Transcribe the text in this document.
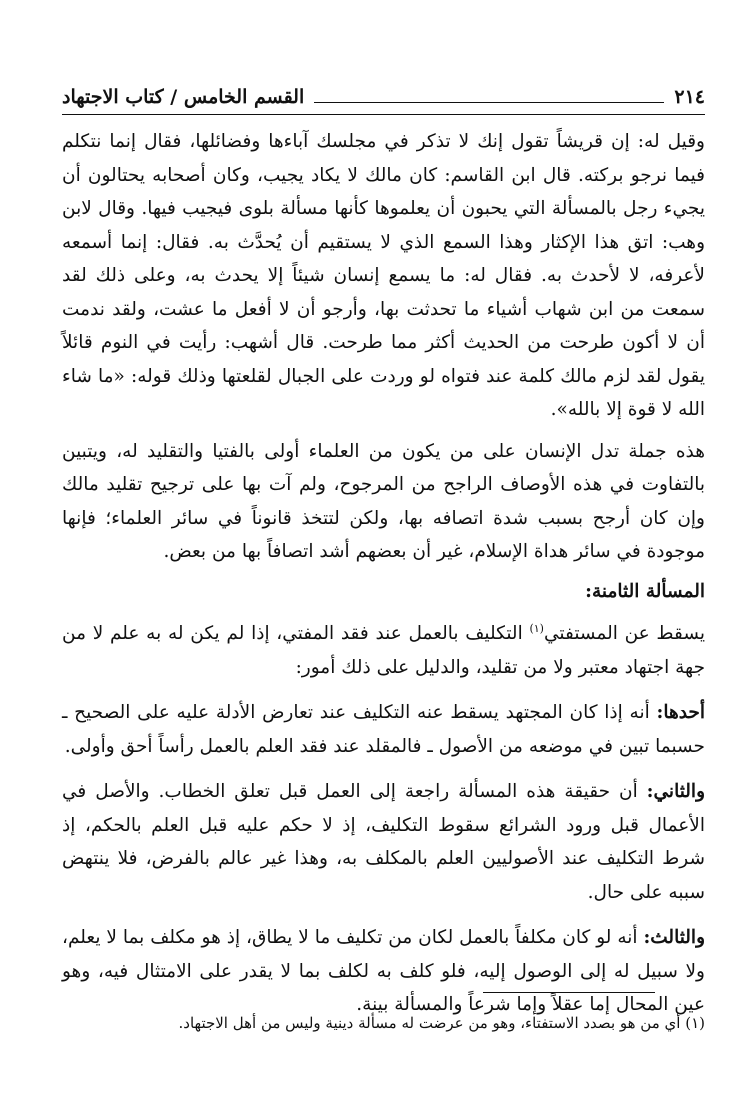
٢١٤
القسم الخامس / كتاب الاجتهاد

وقيل له: إن قريشاً تقول إنك لا تذكر في مجلسك آباءها وفضائلها، فقال إنما نتكلم فيما نرجو بركته. قال ابن القاسم: كان مالك لا يكاد يجيب، وكان أصحابه يحتالون أن يجيء رجل بالمسألة التي يحبون أن يعلموها كأنها مسألة بلوى فيجيب فيها. وقال لابن وهب: اتق هذا الإكثار وهذا السمع الذي لا يستقيم أن يُحدَّث به. فقال: إنما أسمعه لأعرفه، لا لأحدث به. فقال له: ما يسمع إنسان شيئاً إلا يحدث به، وعلى ذلك لقد سمعت من ابن شهاب أشياء ما تحدثت بها، وأرجو أن لا أفعل ما عشت، ولقد ندمت أن لا أكون طرحت من الحديث أكثر مما طرحت. قال أشهب: رأيت في النوم قائلاً يقول لقد لزم مالك كلمة عند فتواه لو وردت على الجبال لقلعتها وذلك قوله: «ما شاء الله لا قوة إلا بالله».

هذه جملة تدل الإنسان على من يكون من العلماء أولى بالفتيا والتقليد له، ويتبين بالتفاوت في هذه الأوصاف الراجح من المرجوح، ولم آت بها على ترجيح تقليد مالك وإن كان أرجح بسبب شدة اتصافه بها، ولكن لتتخذ قانوناً في سائر العلماء؛ فإنها موجودة في سائر هداة الإسلام، غير أن بعضهم أشد اتصافاً بها من بعض.

المسألة الثامنة:

يسقط عن المستفتي$^{(١)}$ التكليف بالعمل عند فقد المفتي، إذا لم يكن له به علم لا من جهة اجتهاد معتبر ولا من تقليد، والدليل على ذلك أمور:

أحدها: أنه إذا كان المجتهد يسقط عنه التكليف عند تعارض الأدلة عليه على الصحيح ـ حسبما تبين في موضعه من الأصول ـ فالمقلد عند فقد العلم بالعمل رأساً أحق وأولى.

والثاني: أن حقيقة هذه المسألة راجعة إلى العمل قبل تعلق الخطاب. والأصل في الأعمال قبل ورود الشرائع سقوط التكليف، إذ لا حكم عليه قبل العلم بالحكم، إذ شرط التكليف عند الأصوليين العلم بالمكلف به، وهذا غير عالم بالفرض، فلا ينتهض سببه على حال.

والثالث: أنه لو كان مكلفاً بالعمل لكان من تكليف ما لا يطاق، إذ هو مكلف بما لا يعلم، ولا سبيل له إلى الوصول إليه، فلو كلف به لكلف بما لا يقدر على الامتثال فيه، وهو عين المحال إما عقلاً وإما شرعاً والمسألة بينة.

(١) أي من هو بصدد الاستفتاء، وهو من عرضت له مسألة دينية وليس من أهل الاجتهاد.
